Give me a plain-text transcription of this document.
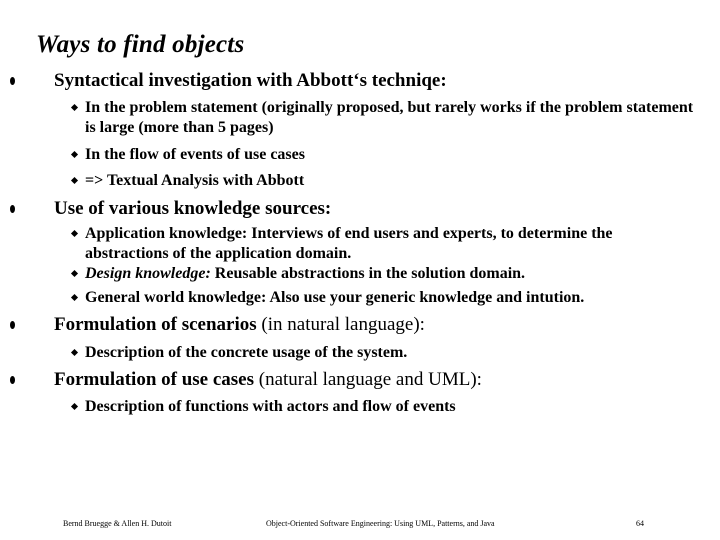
Ways to find objects
Syntactical investigation with Abbott‘s techniqe:
In the problem statement (originally proposed, but rarely works if the problem statement is large (more than 5 pages)
In the flow of events of use cases
=> Textual Analysis with Abbott
Use of various knowledge sources:
Application knowledge: Interviews of end users and experts, to determine the abstractions of the application domain.
Design knowledge: Reusable abstractions in the solution domain.
General world knowledge: Also use your generic knowledge and intution.
Formulation of scenarios (in natural language):
Description of the concrete usage of the system.
Formulation of use cases (natural language and UML):
Description of functions with actors and flow of events
Bernd Bruegge & Allen H. Dutoit	Object-Oriented Software Engineering: Using UML, Patterns, and Java	64
